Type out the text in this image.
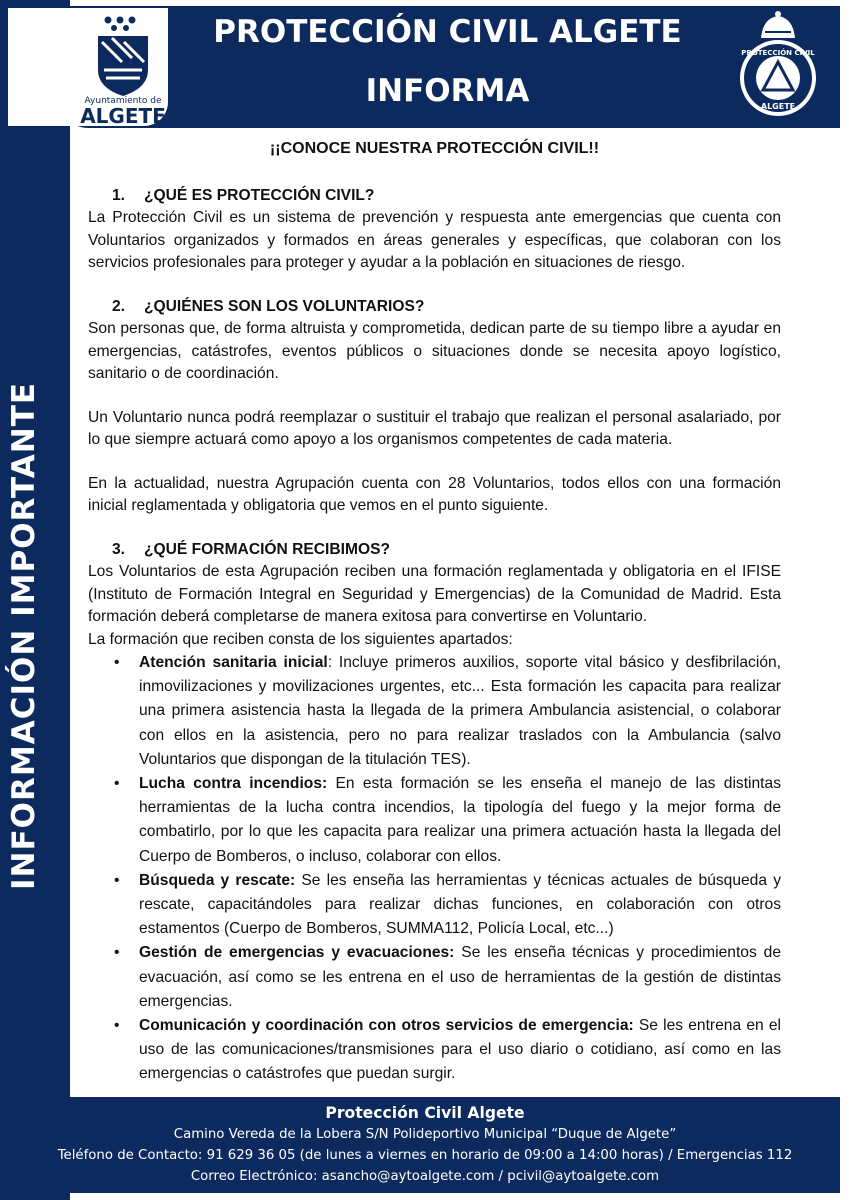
Ayuntamiento de
ALGETE
PROTECCIÓN CIVIL ALGETE
INFORMA
PROTECCIÓN CIVIL
ALGETE
INFORMACIÓN IMPORTANTE

¡¡CONOCE NUESTRA PROTECCIÓN CIVIL!!

1. ¿QUÉ ES PROTECCIÓN CIVIL?

La Protección Civil es un sistema de prevención y respuesta ante emergencias que cuenta con Voluntarios organizados y formados en áreas generales y específicas, que colaboran con los servicios profesionales para proteger y ayudar a la población en situaciones de riesgo.

2. ¿QUIÉNES SON LOS VOLUNTARIOS?

Son personas que, de forma altruista y comprometida, dedican parte de su tiempo libre a ayudar en emergencias, catástrofes, eventos públicos o situaciones donde se necesita apoyo logístico, sanitario o de coordinación.

Un Voluntario nunca podrá reemplazar o sustituir el trabajo que realizan el personal asalariado, por lo que siempre actuará como apoyo a los organismos competentes de cada materia.

En la actualidad, nuestra Agrupación cuenta con 28 Voluntarios, todos ellos con una formación inicial reglamentada y obligatoria que vemos en el punto siguiente.

3. ¿QUÉ FORMACIÓN RECIBIMOS?

Los Voluntarios de esta Agrupación reciben una formación reglamentada y obligatoria en el IFISE (Instituto de Formación Integral en Seguridad y Emergencias) de la Comunidad de Madrid. Esta formación deberá completarse de manera exitosa para convertirse en Voluntario.

La formación que reciben consta de los siguientes apartados:

• Atención sanitaria inicial: Incluye primeros auxilios, soporte vital básico y desfibrilación, inmovilizaciones y movilizaciones urgentes, etc... Esta formación les capacita para realizar una primera asistencia hasta la llegada de la primera Ambulancia asistencial, o colaborar con ellos en la asistencia, pero no para realizar traslados con la Ambulancia (salvo Voluntarios que dispongan de la titulación TES).
• Lucha contra incendios: En esta formación se les enseña el manejo de las distintas herramientas de la lucha contra incendios, la tipología del fuego y la mejor forma de combatirlo, por lo que les capacita para realizar una primera actuación hasta la llegada del Cuerpo de Bomberos, o incluso, colaborar con ellos.
• Búsqueda y rescate: Se les enseña las herramientas y técnicas actuales de búsqueda y rescate, capacitándoles para realizar dichas funciones, en colaboración con otros estamentos (Cuerpo de Bomberos, SUMMA112, Policía Local, etc...)
• Gestión de emergencias y evacuaciones: Se les enseña técnicas y procedimientos de evacuación, así como se les entrena en el uso de herramientas de la gestión de distintas emergencias.
• Comunicación y coordinación con otros servicios de emergencia: Se les entrena en el uso de las comunicaciones/transmisiones para el uso diario o cotidiano, así como en las emergencias o catástrofes que puedan surgir.
Protección Civil Algete
Camino Vereda de la Lobera S/N Polideportivo Municipal “Duque de Algete”
Teléfono de Contacto: 91 629 36 05 (de lunes a viernes en horario de 09:00 a 14:00 horas) / Emergencias 112
Correo Electrónico: asancho@aytoalgete.com / pcivil@aytoalgete.com
